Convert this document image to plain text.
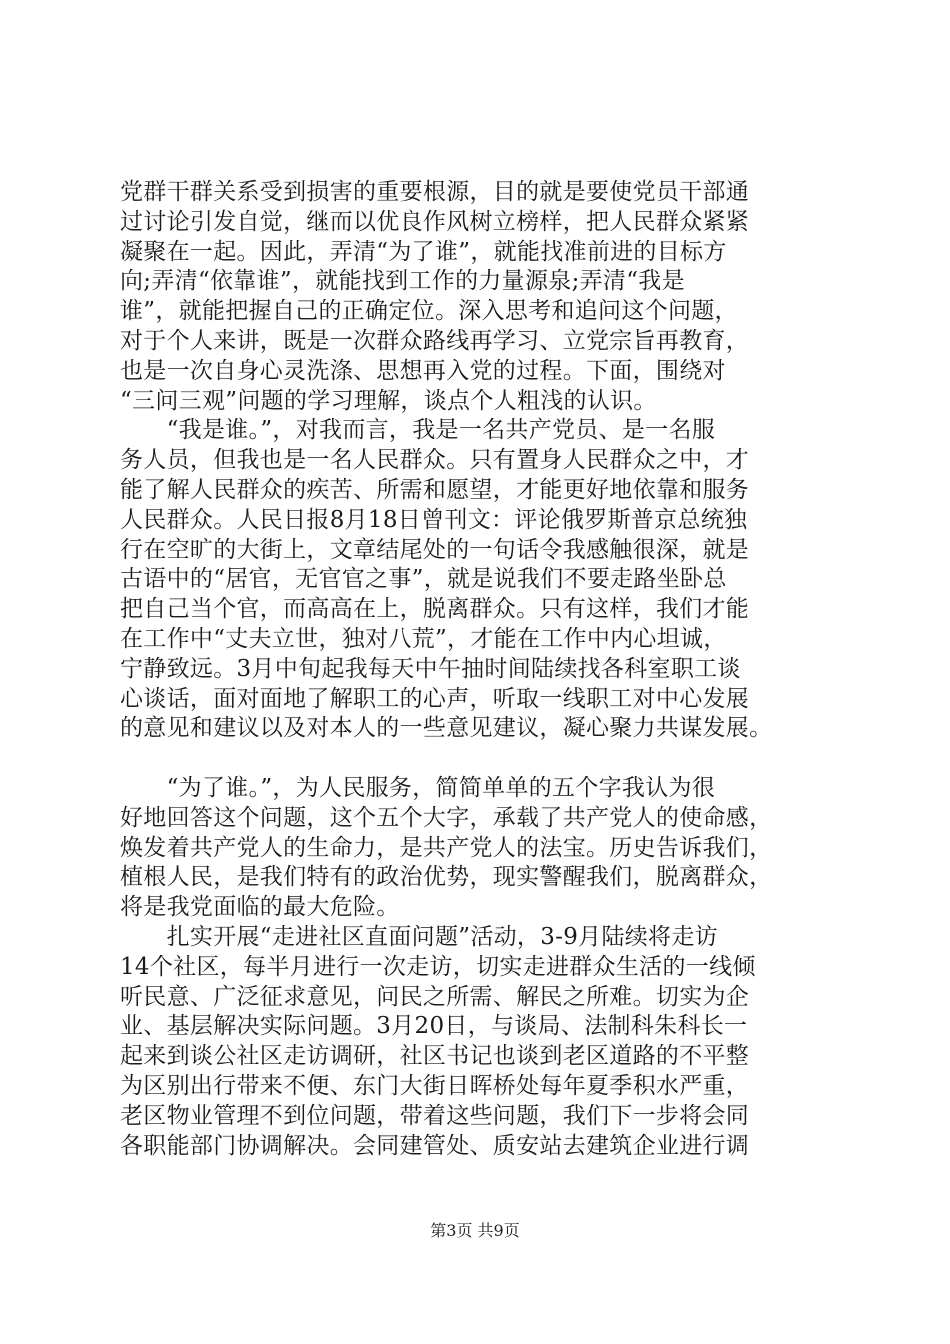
党群干群关系受到损害的重要根源，目的就是要使党员干部通
过讨论引发自觉，继而以优良作风树立榜样，把人民群众紧紧
凝聚在一起。因此，弄清“为了谁”，就能找准前进的目标方
向;弄清“依靠谁”，就能找到工作的力量源泉;弄清“我是
谁”，就能把握自己的正确定位。深入思考和追问这个问题，
对于个人来讲，既是一次群众路线再学习、立党宗旨再教育，
也是一次自身心灵洗涤、思想再入党的过程。下面，围绕对
“三问三观”问题的学习理解，谈点个人粗浅的认识。
　　“我是谁。”，对我而言，我是一名共产党员、是一名服
务人员，但我也是一名人民群众。只有置身人民群众之中，才
能了解人民群众的疾苦、所需和愿望，才能更好地依靠和服务
人民群众。人民日报8月18日曾刊文：评论俄罗斯普京总统独
行在空旷的大街上，文章结尾处的一句话令我感触很深，就是
古语中的“居官，无官官之事”，就是说我们不要走路坐卧总
把自己当个官，而高高在上，脱离群众。只有这样，我们才能
在工作中“丈夫立世，独对八荒”，才能在工作中内心坦诚，
宁静致远。3月中旬起我每天中午抽时间陆续找各科室职工谈
心谈话，面对面地了解职工的心声，听取一线职工对中心发展
的意见和建议以及对本人的一些意见建议，凝心聚力共谋发展。
　　“为了谁。”，为人民服务，简简单单的五个字我认为很
好地回答这个问题，这个五个大字，承载了共产党人的使命感，
焕发着共产党人的生命力，是共产党人的法宝。历史告诉我们，
植根人民，是我们特有的政治优势，现实警醒我们，脱离群众，
将是我党面临的最大危险。
　　扎实开展“走进社区直面问题”活动，3-9月陆续将走访
14个社区，每半月进行一次走访，切实走进群众生活的一线倾
听民意、广泛征求意见，问民之所需、解民之所难。切实为企
业、基层解决实际问题。3月20日，与谈局、法制科朱科长一
起来到谈公社区走访调研，社区书记也谈到老区道路的不平整
为区别出行带来不便、东门大街日晖桥处每年夏季积水严重，
老区物业管理不到位问题，带着这些问题，我们下一步将会同
各职能部门协调解决。会同建管处、质安站去建筑企业进行调
第3页 共9页
